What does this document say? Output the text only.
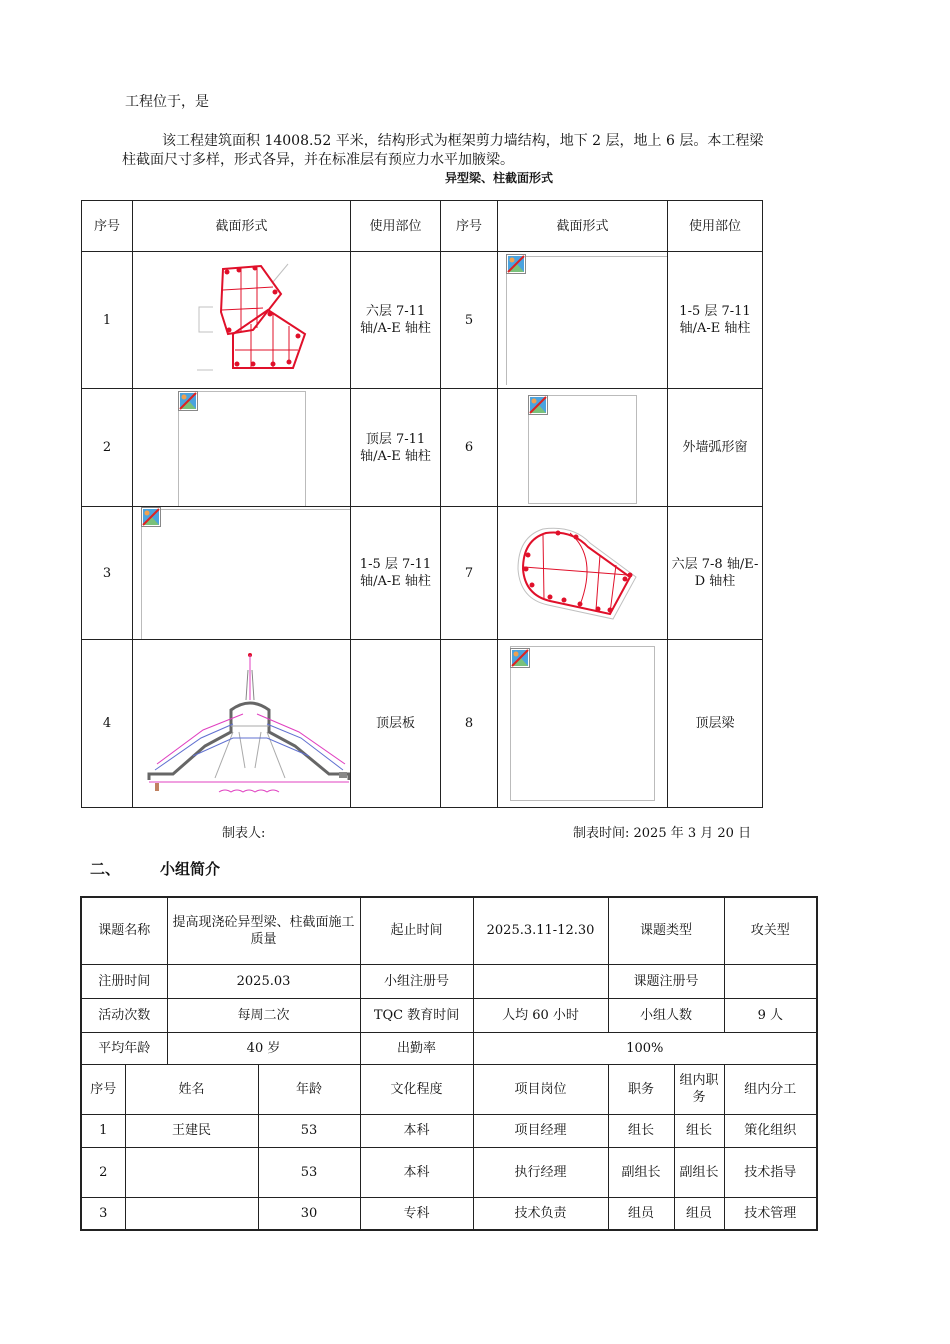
工程位于，是
该工程建筑面积 14008.52 平米，结构形式为框架剪力墙结构，地下 2 层，地上 6 层。本工程梁
柱截面尺寸多样，形式各异，并在标准层有预应力水平加腋梁。
异型梁、柱截面形式
序号	截面形式	使用部位	序号	截面形式	使用部位
1		六层 7-11 轴/A-E 轴柱	5		1-5 层 7-11 轴/A-E 轴柱
2		顶层 7-11 轴/A-E 轴柱	6		外墙弧形窗
3		1-5 层 7-11 轴/A-E 轴柱	7		六层 7-8 轴/E-D 轴柱
4		顶层板	8		顶层梁
制表人:	制表时间: 2025 年 3 月 20 日
二、	小组简介
课题名称		提高现浇砼异型梁、柱截面施工质量		起止时间	2025.3.11-12.30	课题类型		攻关型
注册时间		2025.03		小组注册号		课题注册号		
活动次数		每周二次		TQC 教育时间	人均 60 小时	小组人数		9 人
平均年龄		40 岁		出勤率	100%			
序号	姓名		年龄	文化程度	项目岗位	职务	组内职务	组内分工
1	王建民		53	本科	项目经理	组长	组长	策化组织
2			53	本科	执行经理	副组长	副组长	技术指导
3			30	专科	技术负责	组员	组员	技术管理
